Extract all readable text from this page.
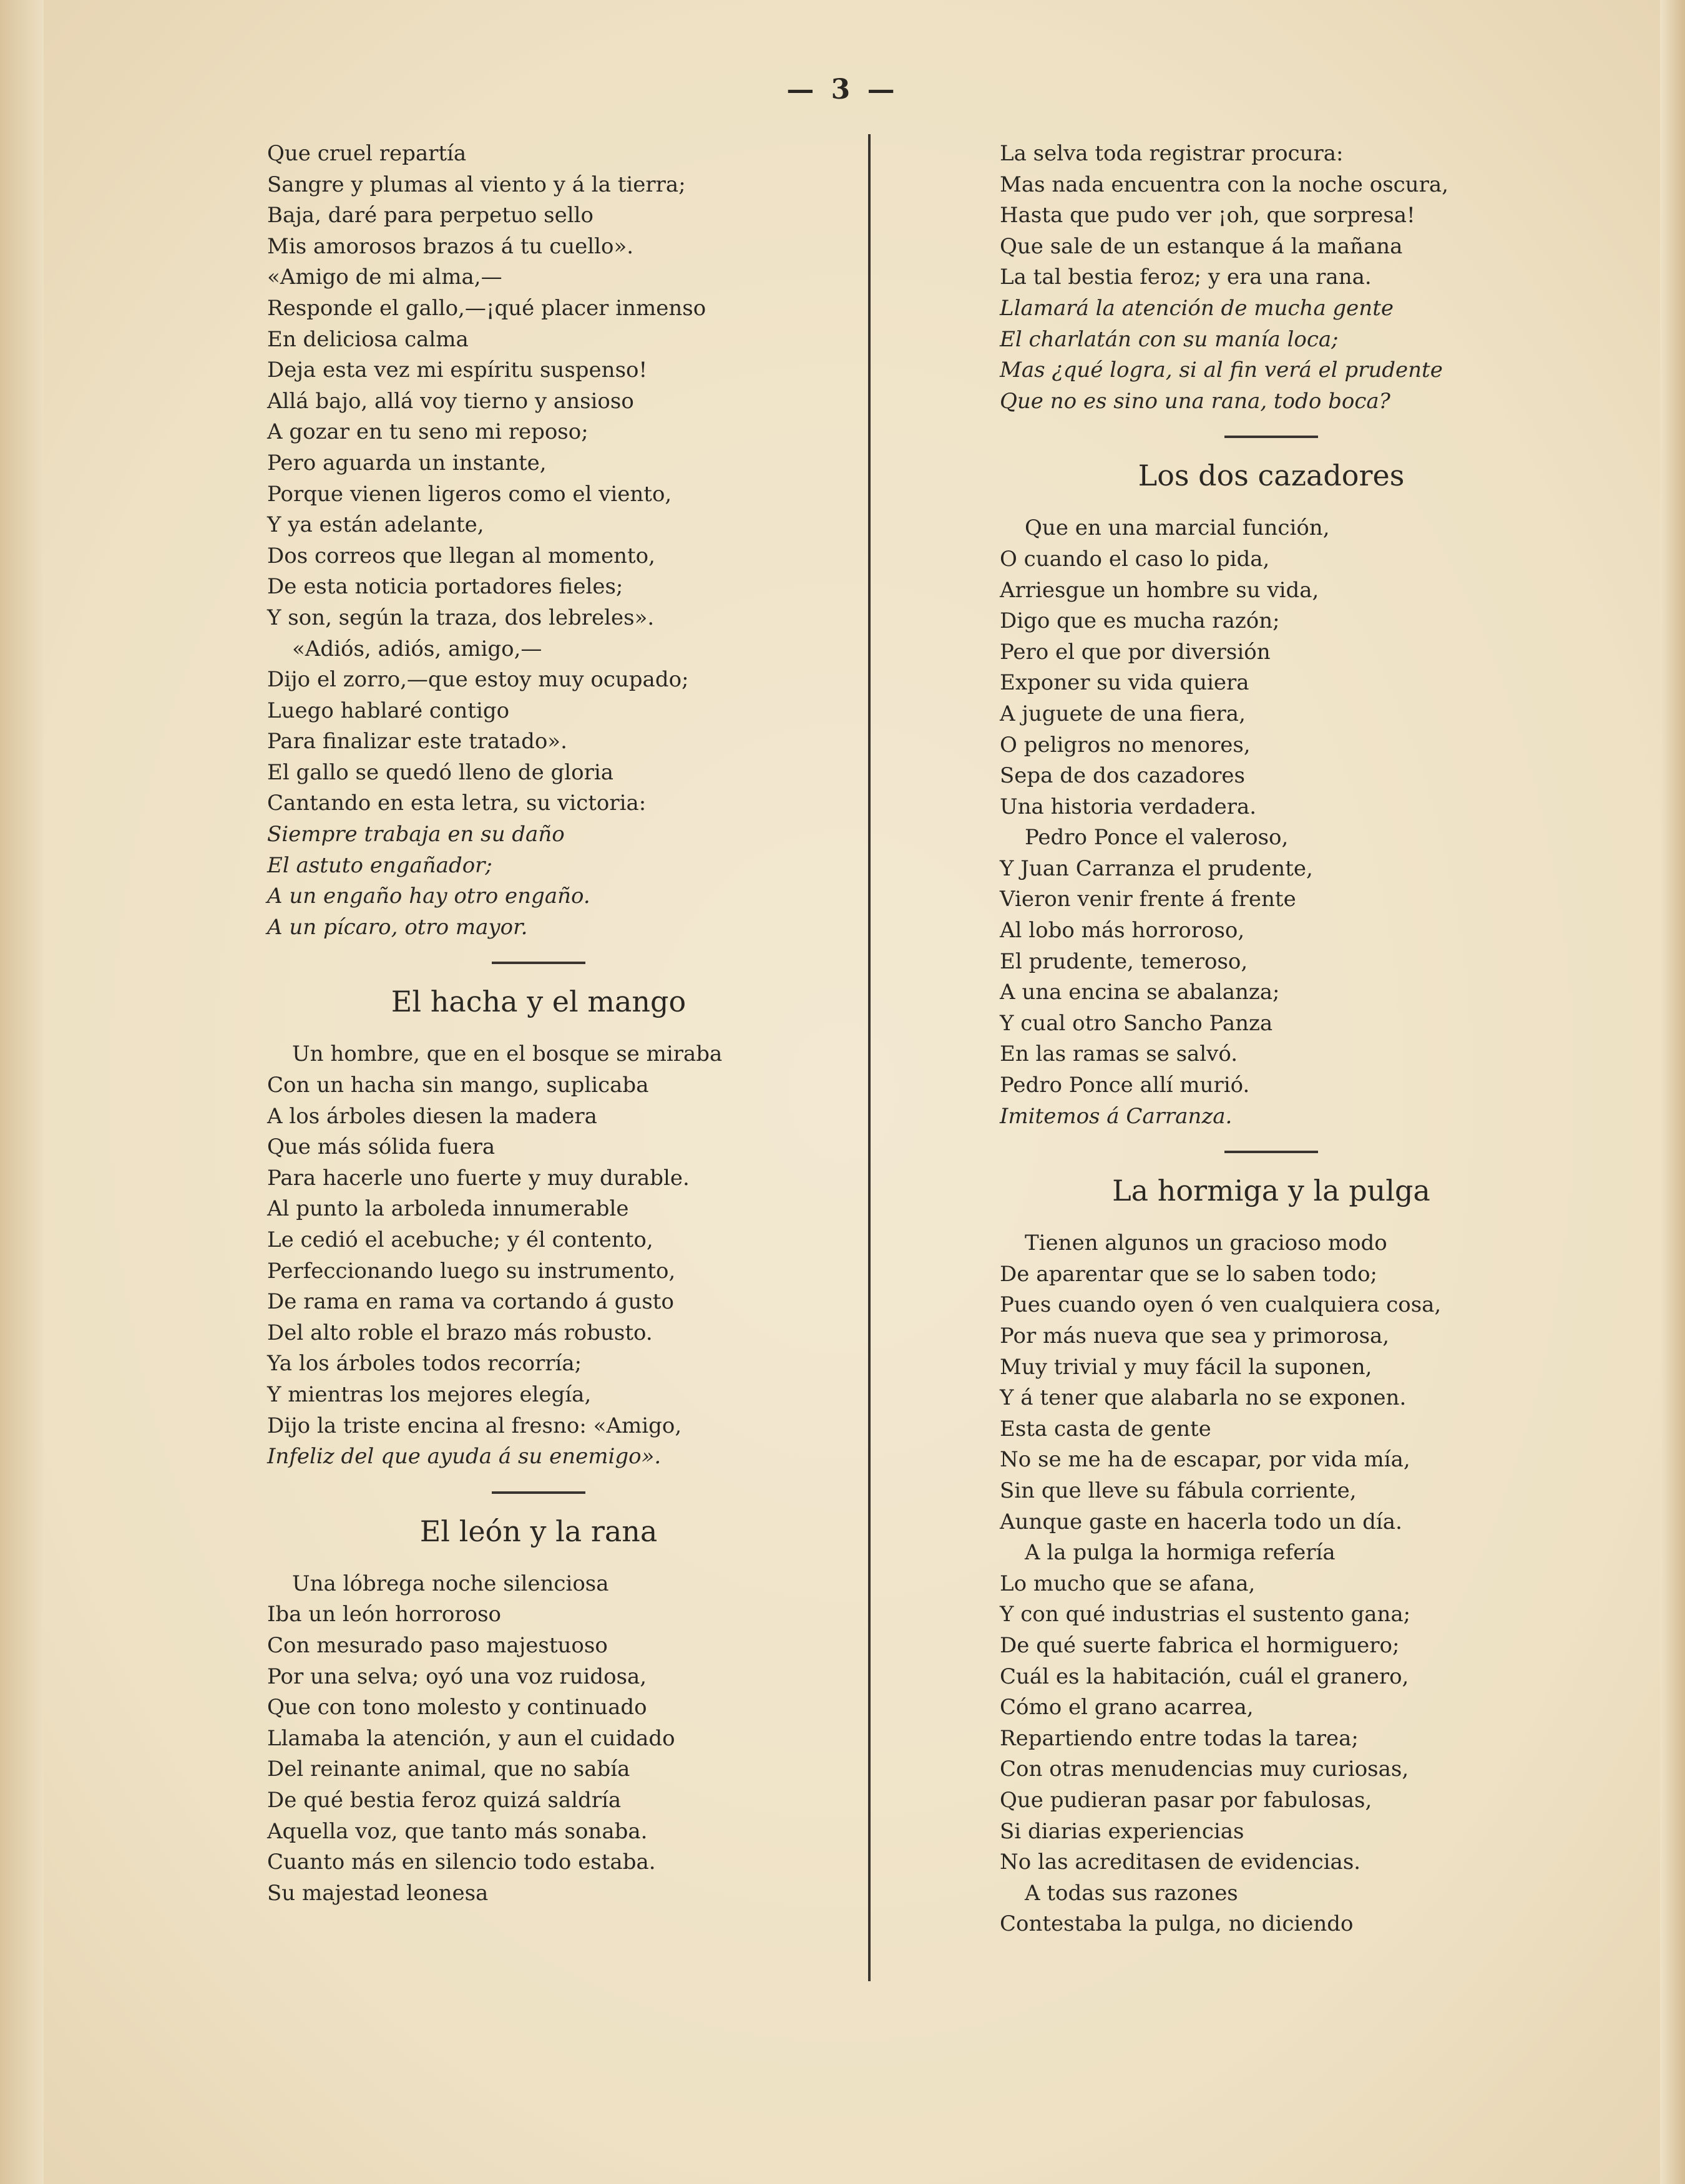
— 3 —
Que cruel repartía
Sangre y plumas al viento y á la tierra;
Baja, daré para perpetuo sello
Mis amorosos brazos á tu cuello».
«Amigo de mi alma,—
Responde el gallo,—¡qué placer inmenso
En deliciosa calma
Deja esta vez mi espíritu suspenso!
Allá bajo, allá voy tierno y ansioso
A gozar en tu seno mi reposo;
Pero aguarda un instante,
Porque vienen ligeros como el viento,
Y ya están adelante,
Dos correos que llegan al momento,
De esta noticia portadores fieles;
Y son, según la traza, dos lebreles».
«Adiós, adiós, amigo,—
Dijo el zorro,—que estoy muy ocupado;
Luego hablaré contigo
Para finalizar este tratado».
El gallo se quedó lleno de gloria
Cantando en esta letra, su victoria:
Siempre trabaja en su daño
El astuto engañador;
A un engaño hay otro engaño.
A un pícaro, otro mayor.
El hacha y el mango
Un hombre, que en el bosque se miraba
Con un hacha sin mango, suplicaba
A los árboles diesen la madera
Que más sólida fuera
Para hacerle uno fuerte y muy durable.
Al punto la arboleda innumerable
Le cedió el acebuche; y él contento,
Perfeccionando luego su instrumento,
De rama en rama va cortando á gusto
Del alto roble el brazo más robusto.
Ya los árboles todos recorría;
Y mientras los mejores elegía,
Dijo la triste encina al fresno: «Amigo,
Infeliz del que ayuda á su enemigo».
El león y la rana
Una lóbrega noche silenciosa
Iba un león horroroso
Con mesurado paso majestuoso
Por una selva; oyó una voz ruidosa,
Que con tono molesto y continuado
Llamaba la atención, y aun el cuidado
Del reinante animal, que no sabía
De qué bestia feroz quizá saldría
Aquella voz, que tanto más sonaba.
Cuanto más en silencio todo estaba.
Su majestad leonesa
La selva toda registrar procura:
Mas nada encuentra con la noche oscura,
Hasta que pudo ver ¡oh, que sorpresa!
Que sale de un estanque á la mañana
La tal bestia feroz; y era una rana.
Llamará la atención de mucha gente
El charlatán con su manía loca;
Mas ¿qué logra, si al fin verá el prudente
Que no es sino una rana, todo boca?
Los dos cazadores
Que en una marcial función,
O cuando el caso lo pida,
Arriesgue un hombre su vida,
Digo que es mucha razón;
Pero el que por diversión
Exponer su vida quiera
A juguete de una fiera,
O peligros no menores,
Sepa de dos cazadores
Una historia verdadera.
Pedro Ponce el valeroso,
Y Juan Carranza el prudente,
Vieron venir frente á frente
Al lobo más horroroso,
El prudente, temeroso,
A una encina se abalanza;
Y cual otro Sancho Panza
En las ramas se salvó.
Pedro Ponce allí murió.
Imitemos á Carranza.
La hormiga y la pulga
Tienen algunos un gracioso modo
De aparentar que se lo saben todo;
Pues cuando oyen ó ven cualquiera cosa,
Por más nueva que sea y primorosa,
Muy trivial y muy fácil la suponen,
Y á tener que alabarla no se exponen.
Esta casta de gente
No se me ha de escapar, por vida mía,
Sin que lleve su fábula corriente,
Aunque gaste en hacerla todo un día.
A la pulga la hormiga refería
Lo mucho que se afana,
Y con qué industrias el sustento gana;
De qué suerte fabrica el hormiguero;
Cuál es la habitación, cuál el granero,
Cómo el grano acarrea,
Repartiendo entre todas la tarea;
Con otras menudencias muy curiosas,
Que pudieran pasar por fabulosas,
Si diarias experiencias
No las acreditasen de evidencias.
A todas sus razones
Contestaba la pulga, no diciendo
